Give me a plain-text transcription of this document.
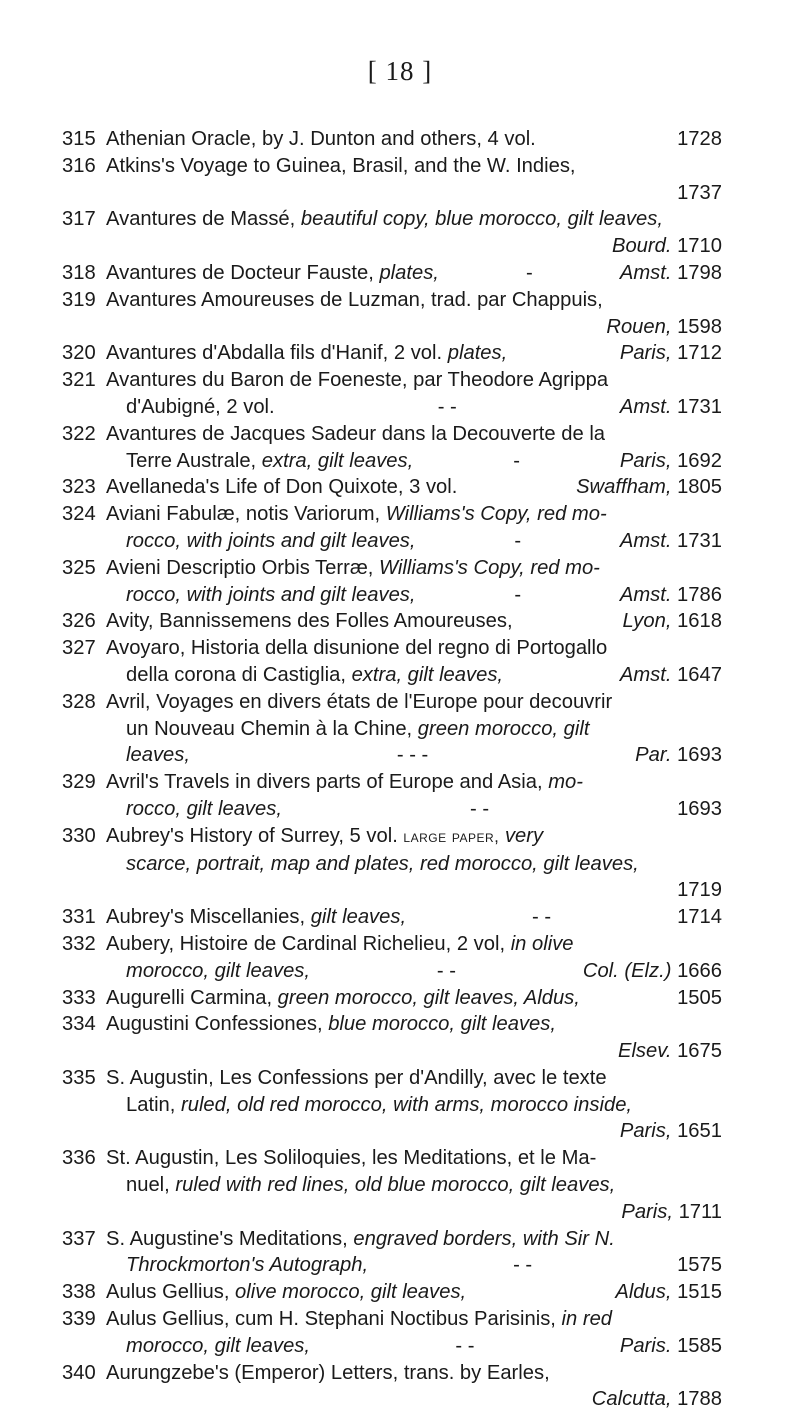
[ 18 ]
315 Athenian Oracle, by J. Dunton and others, 4 vol.	1728
316 Atkins's Voyage to Guinea, Brasil, and the W. Indies,
1737
317 Avantures de Massé, beautiful copy, blue morocco, gilt leaves,
Bourd. 1710
318 Avantures de Docteur Fauste, plates,	-	Amst. 1798
319 Avantures Amoureuses de Luzman, trad. par Chappuis,
Rouen, 1598
320 Avantures d'Abdalla fils d'Hanif, 2 vol. plates,	Paris, 1712
321 Avantures du Baron de Foeneste, par Theodore Agrippa
d'Aubigné, 2 vol.	- -	Amst. 1731
322 Avantures de Jacques Sadeur dans la Decouverte de la
Terre Australe, extra, gilt leaves,	-	Paris, 1692
323 Avellaneda's Life of Don Quixote, 3 vol.	Swaffham, 1805
324 Aviani Fabulæ, notis Variorum, Williams's Copy, red mo-
rocco, with joints and gilt leaves,	-	Amst. 1731
325 Avieni Descriptio Orbis Terræ, Williams's Copy, red mo-
rocco, with joints and gilt leaves,	-	Amst. 1786
326 Avity, Bannissemens des Folles Amoureuses,	Lyon, 1618
327 Avoyaro, Historia della disunione del regno di Portogallo
della corona di Castiglia, extra, gilt leaves,	Amst. 1647
328 Avril, Voyages en divers états de l'Europe pour decouvrir
un Nouveau Chemin à la Chine, green morocco, gilt
leaves,	- - -	Par. 1693
329 Avril's Travels in divers parts of Europe and Asia, mo-
rocco, gilt leaves,	- -	1693
330 Aubrey's History of Surrey, 5 vol. large paper, very
scarce, portrait, map and plates, red morocco, gilt leaves,
1719
331 Aubrey's Miscellanies, gilt leaves,	- -	1714
332 Aubery, Histoire de Cardinal Richelieu, 2 vol, in olive
morocco, gilt leaves,	- -	Col. (Elz.) 1666
333 Augurelli Carmina, green morocco, gilt leaves, Aldus,	1505
334 Augustini Confessiones, blue morocco, gilt leaves,
Elsev. 1675
335 S. Augustin, Les Confessions per d'Andilly, avec le texte
Latin, ruled, old red morocco, with arms, morocco inside,
Paris, 1651
336 St. Augustin, Les Soliloquies, les Meditations, et le Ma-
nuel, ruled with red lines, old blue morocco, gilt leaves,
Paris, 1711
337 S. Augustine's Meditations, engraved borders, with Sir N.
Throckmorton's Autograph,	- -	1575
338 Aulus Gellius, olive morocco, gilt leaves,	Aldus, 1515
339 Aulus Gellius, cum H. Stephani Noctibus Parisinis, in red
morocco, gilt leaves,	- -	Paris. 1585
340 Aurungzebe's (Emperor) Letters, trans. by Earles,
Calcutta, 1788
